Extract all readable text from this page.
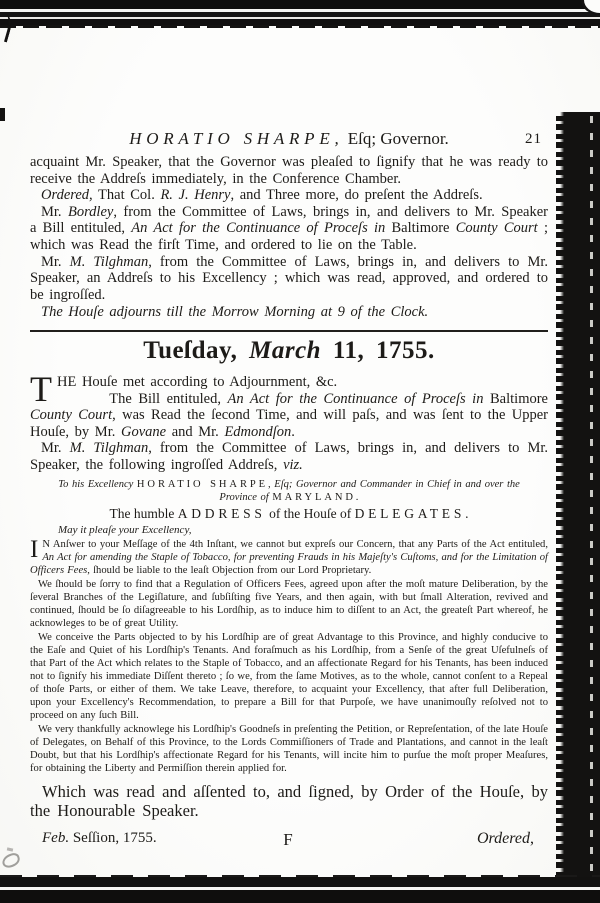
HORATIO SHARPE, Eſq; Governor.	21

acquaint Mr. Speaker, that the Governor was pleaſed to ſignify that he was ready to receive the Addreſs immediately, in the Conference Chamber.

Ordered, That Col. R. J. Henry, and Three more, do preſent the Addreſs.

Mr. Bordley, from the Committee of Laws, brings in, and delivers to Mr. Speaker a Bill entituled, An Act for the Continuance of Proceſs in Baltimore County Court ; which was Read the firſt Time, and ordered to lie on the Table.

Mr. M. Tilghman, from the Committee of Laws, brings in, and delivers to Mr. Speaker, an Addreſs to his Excellency ; which was read, approved, and ordered to be ingroſſed.

The Houſe adjourns till the Morrow Morning at 9 of the Clock.

Tueſday, March 11, 1755.

THE Houſe met according to Adjournment, &c.
The Bill entituled, An Act for the Continuance of Proceſs in Baltimore County Court, was Read the ſecond Time, and will paſs, and was ſent to the Upper Houſe, by Mr. Govane and Mr. Edmondſon.

Mr. M. Tilghman, from the Committee of Laws, brings in, and delivers to Mr. Speaker, the following ingroſſed Addreſs, viz.

To his Excellency HORATIO SHARPE, Eſq; Governor and Commander in Chief in and over the
Province of MARYLAND.

The humble ADDRESS of the Houſe of DELEGATES.

May it pleaſe your Excellency,

I N Anſwer to your Meſſage of the 4th Inſtant, we cannot but expreſs our Concern, that any Parts of the Act entituled, An Act for amending the Staple of Tobacco, for preventing Frauds in his Majeſty's Cuſtoms, and for the Limitation of Officers Fees, ſhould be liable to the leaſt Objection from our Lord Proprietary.

We ſhould be ſorry to find that a Regulation of Officers Fees, agreed upon after the moſt mature Deliberation, by the ſeveral Branches of the Legiſlature, and ſubſiſting five Years, and then again, with but ſmall Alteration, revived and continued, ſhould be ſo diſagreeable to his Lordſhip, as to induce him to diſſent to an Act, the greateſt Part whereof, he acknowleges to be of great Utility.

We conceive the Parts objected to by his Lordſhip are of great Advantage to this Province, and highly conducive to the Eaſe and Quiet of his Lordſhip's Tenants. And foraſmuch as his Lordſhip, from a Senſe of the great Uſefulneſs of that Part of the Act which relates to the Staple of Tobacco, and an affectionate Regard for his Tenants, has been induced not to ſignify his immediate Diſſent thereto ; ſo we, from the ſame Motives, as to the whole, cannot conſent to a Repeal of thoſe Parts, or either of them. We take Leave, therefore, to acquaint your Excellency, that after full Deliberation, upon your Excellency's Recommendation, to prepare a Bill for that Purpoſe, we have unanimouſly reſolved not to proceed on any ſuch Bill.

We very thankfully acknowlege his Lordſhip's Goodneſs in preſenting the Petition, or Repreſentation, of the late Houſe of Delegates, on Behalf of this Province, to the Lords Commiſſioners of Trade and Plantations, and cannot in the leaſt Doubt, but that his Lordſhip's affectionate Regard for his Tenants, will incite him to purſue the moſt proper Meaſures, for obtaining the Liberty and Permiſſion therein applied for.

Which was read and aſſented to, and ſigned, by Order of the Houſe, by the Honourable Speaker.

Feb. Seſſion, 1755.	F	Ordered,
